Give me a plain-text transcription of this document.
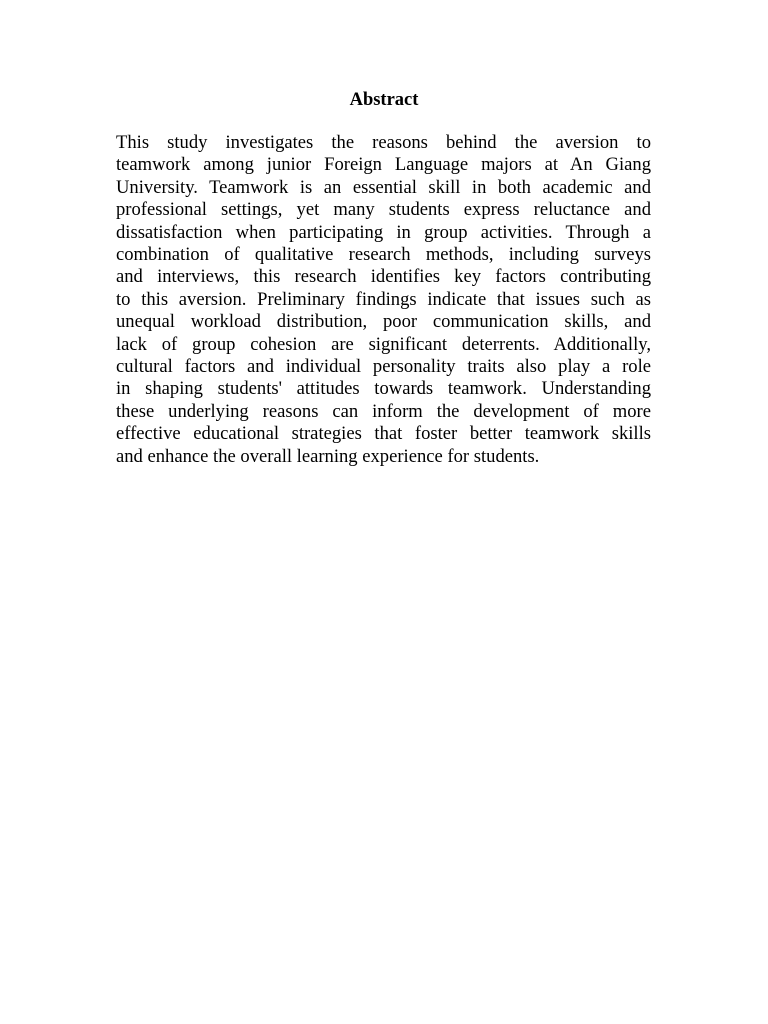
Abstract
This study investigates the reasons behind the aversion to
teamwork among junior Foreign Language majors at An Giang
University. Teamwork is an essential skill in both academic and
professional settings, yet many students express reluctance and
dissatisfaction when participating in group activities. Through a
combination of qualitative research methods, including surveys
and interviews, this research identifies key factors contributing
to this aversion. Preliminary findings indicate that issues such as
unequal workload distribution, poor communication skills, and
lack of group cohesion are significant deterrents. Additionally,
cultural factors and individual personality traits also play a role
in shaping students' attitudes towards teamwork. Understanding
these underlying reasons can inform the development of more
effective educational strategies that foster better teamwork skills
and enhance the overall learning experience for students.
